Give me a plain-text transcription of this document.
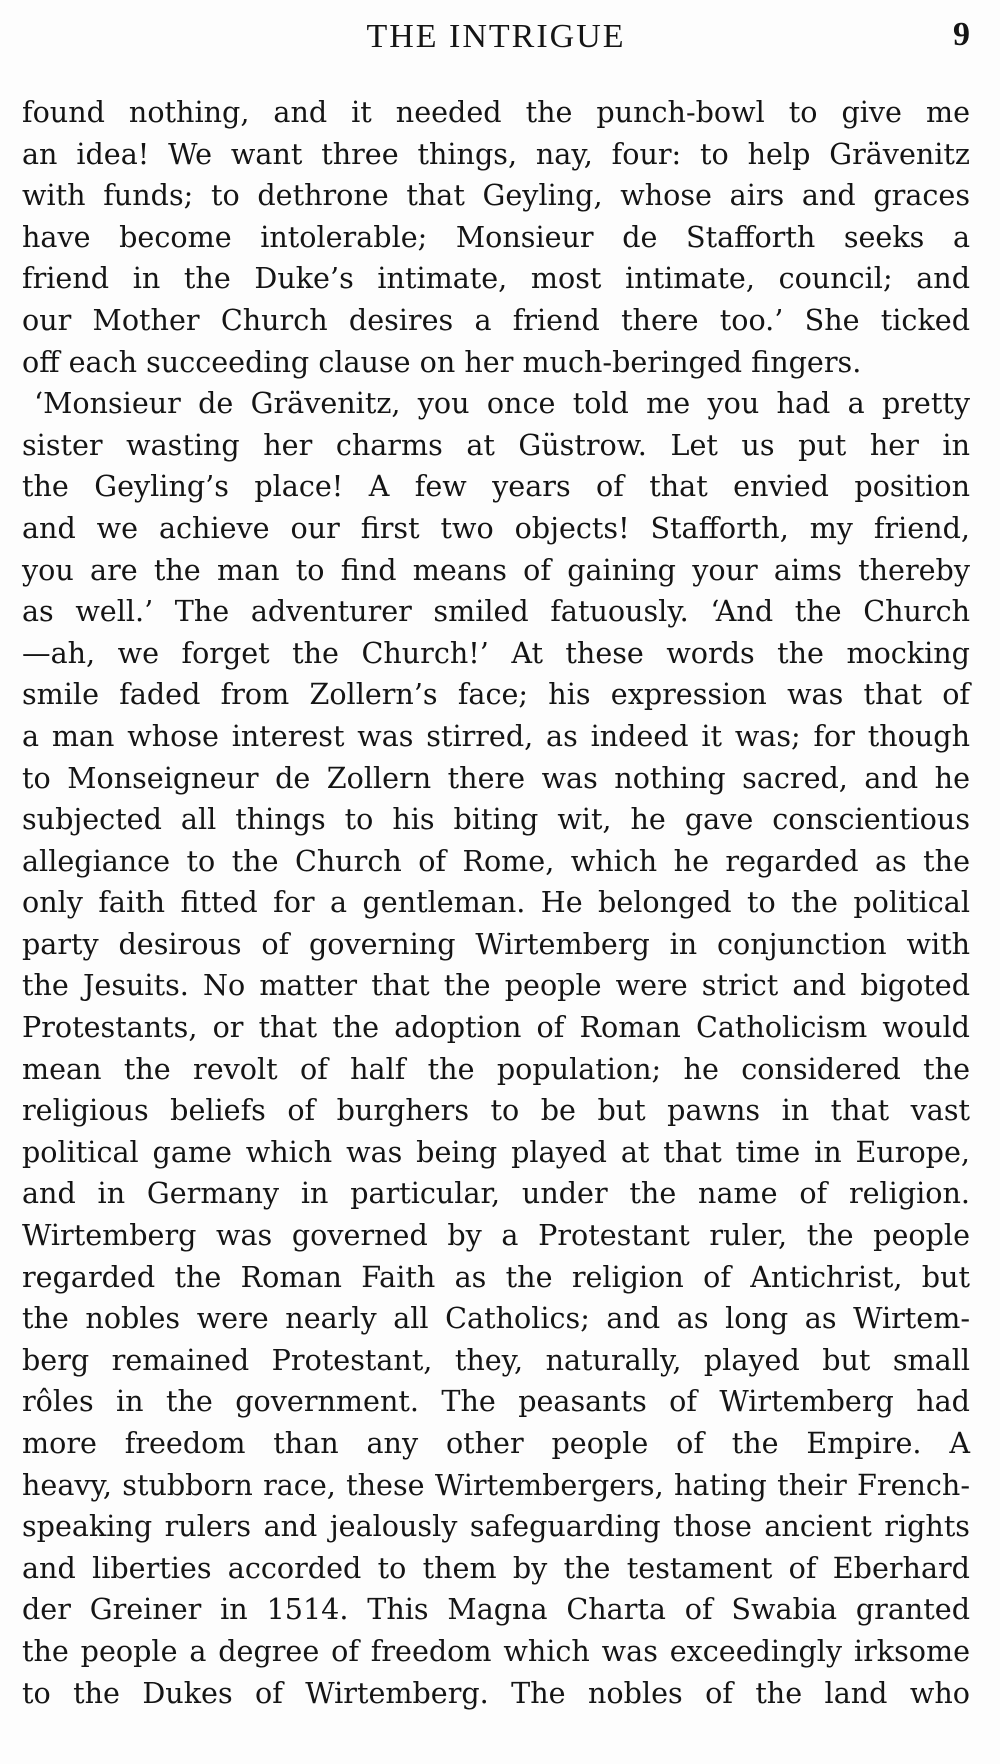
THE INTRIGUE	9
found nothing, and it needed the punch-bowl to give me
an idea! We want three things, nay, four: to help Grävenitz
with funds; to dethrone that Geyling, whose airs and graces
have become intolerable; Monsieur de Stafforth seeks a
friend in the Duke’s intimate, most intimate, council; and
our Mother Church desires a friend there too.’ She ticked
off each succeeding clause on her much-beringed fingers.
‘Monsieur de Grävenitz, you once told me you had a pretty
sister wasting her charms at Güstrow. Let us put her in
the Geyling’s place! A few years of that envied position
and we achieve our first two objects! Stafforth, my friend,
you are the man to find means of gaining your aims thereby
as well.’ The adventurer smiled fatuously. ‘And the Church
—ah, we forget the Church!’ At these words the mocking
smile faded from Zollern’s face; his expression was that of
a man whose interest was stirred, as indeed it was; for though
to Monseigneur de Zollern there was nothing sacred, and he
subjected all things to his biting wit, he gave conscientious
allegiance to the Church of Rome, which he regarded as the
only faith fitted for a gentleman. He belonged to the political
party desirous of governing Wirtemberg in conjunction with
the Jesuits. No matter that the people were strict and bigoted
Protestants, or that the adoption of Roman Catholicism would
mean the revolt of half the population; he considered the
religious beliefs of burghers to be but pawns in that vast
political game which was being played at that time in Europe,
and in Germany in particular, under the name of religion.
Wirtemberg was governed by a Protestant ruler, the people
regarded the Roman Faith as the religion of Antichrist, but
the nobles were nearly all Catholics; and as long as Wirtem-
berg remained Protestant, they, naturally, played but small
rôles in the government. The peasants of Wirtemberg had
more freedom than any other people of the Empire. A
heavy, stubborn race, these Wirtembergers, hating their French-
speaking rulers and jealously safeguarding those ancient rights
and liberties accorded to them by the testament of Eberhard
der Greiner in 1514. This Magna Charta of Swabia granted
the people a degree of freedom which was exceedingly irksome
to the Dukes of Wirtemberg. The nobles of the land who
